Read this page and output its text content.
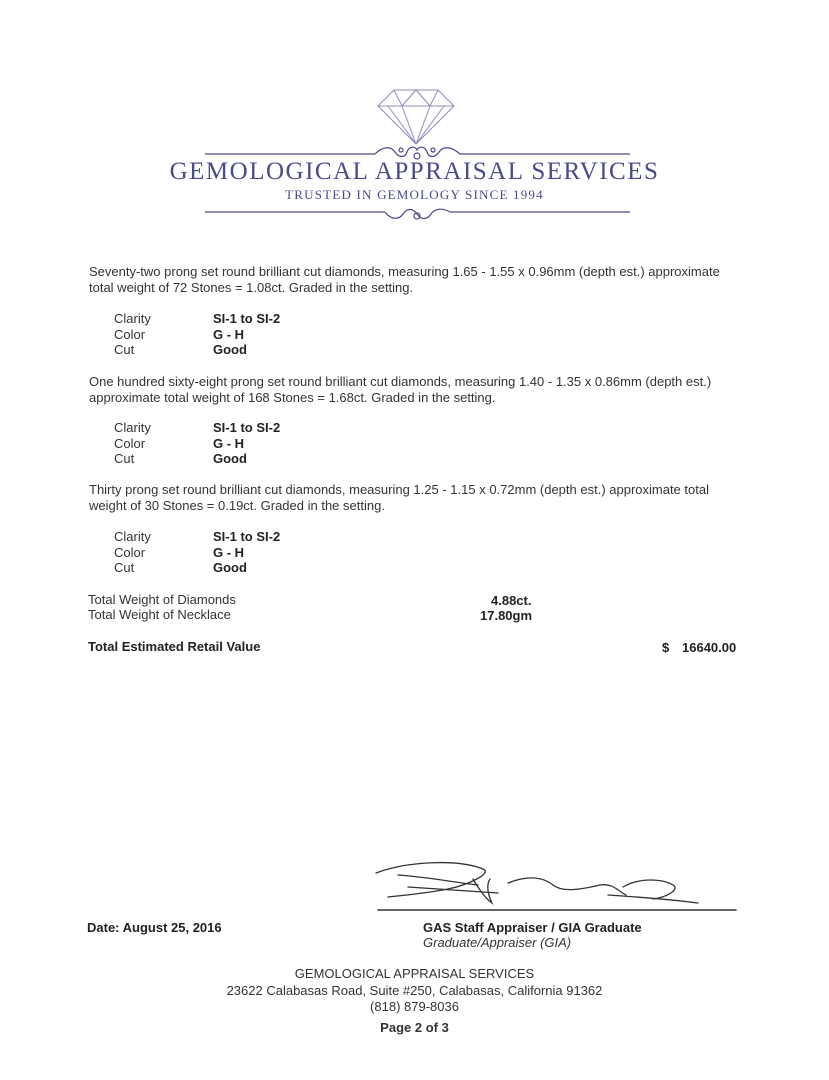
GEMOLOGICAL APPRAISAL SERVICES
TRUSTED IN GEMOLOGY SINCE 1994
Seventy-two prong set round brilliant cut diamonds, measuring 1.65 - 1.55 x 0.96mm (depth est.) approximate total weight of 72 Stones = 1.08ct. Graded in the setting.
Clarity	SI-1 to SI-2
Color	G - H
Cut	Good
One hundred sixty-eight prong set round brilliant cut diamonds, measuring 1.40 - 1.35 x 0.86mm (depth est.) approximate total weight of 168 Stones = 1.68ct. Graded in the setting.
Clarity	SI-1 to SI-2
Color	G - H
Cut	Good
Thirty prong set round brilliant cut diamonds, measuring 1.25 - 1.15 x 0.72mm (depth est.) approximate total weight of 30 Stones = 0.19ct. Graded in the setting.
Clarity	SI-1 to SI-2
Color	G - H
Cut	Good
Total Weight of Diamonds	4.88ct.
Total Weight of Necklace	17.80gm
Total Estimated Retail Value	$ 16640.00
Date: August 25, 2016	GAS Staff Appraiser / GIA Graduate
Graduate/Appraiser (GIA)
GEMOLOGICAL APPRAISAL SERVICES
23622 Calabasas Road, Suite #250, Calabasas, California 91362
(818) 879-8036
Page 2 of 3
